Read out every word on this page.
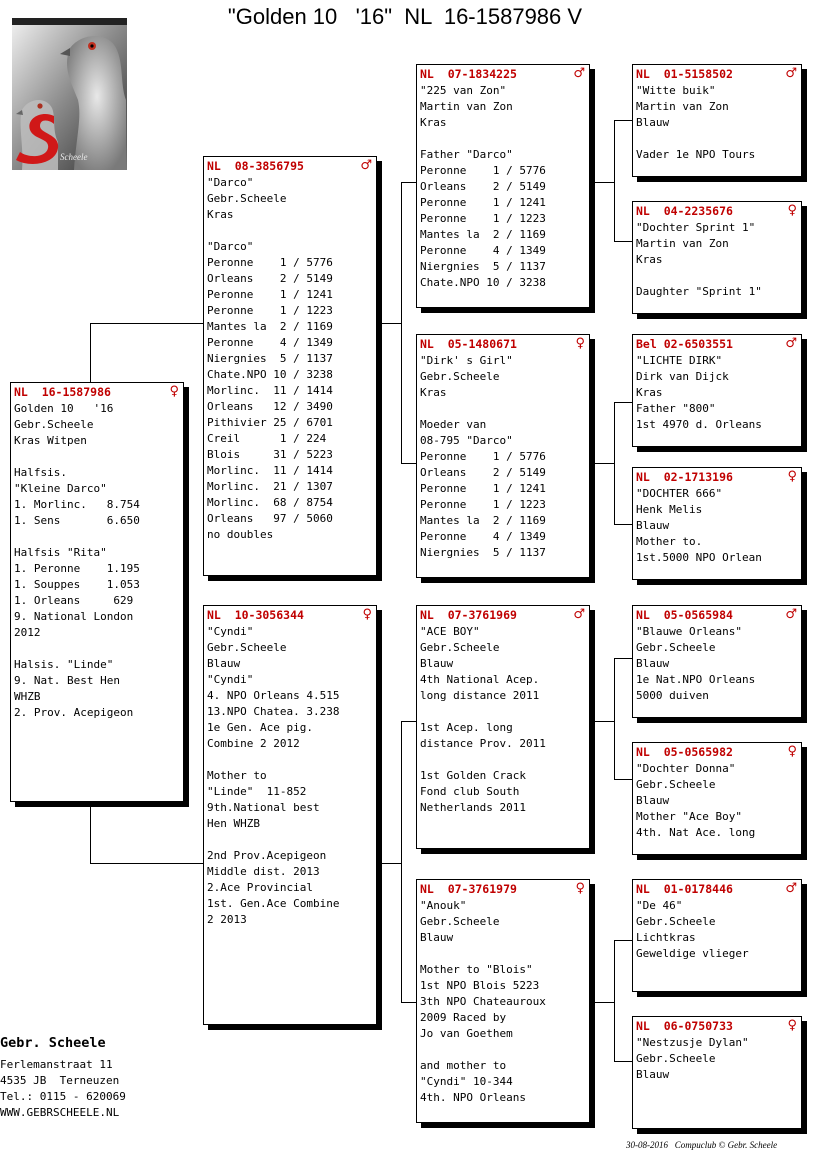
"Golden 10   '16"  NL  16-1587986 V
Scheele
NL  16-1587986	♀
Golden 10   '16
Gebr.Scheele
Kras Witpen
Halfsis.
"Kleine Darco"
1. Morlinc.   8.754
1. Sens       6.650
Halfsis "Rita"
1. Peronne    1.195
1. Souppes    1.053
1. Orleans     629
9. National London
2012
Halsis. "Linde"
9. Nat. Best Hen
WHZB
2. Prov. Acepigeon
NL  08-3856795	♂
"Darco"
Gebr.Scheele
Kras
"Darco"
Peronne    1 / 5776
Orleans    2 / 5149
Peronne    1 / 1241
Peronne    1 / 1223
Mantes la  2 / 1169
Peronne    4 / 1349
Niergnies  5 / 1137
Chate.NPO 10 / 3238
Morlinc.  11 / 1414
Orleans   12 / 3490
Pithivier 25 / 6701
Creil      1 / 224
Blois     31 / 5223
Morlinc.  11 / 1414
Morlinc.  21 / 1307
Morlinc.  68 / 8754
Orleans   97 / 5060
no doubles
NL  10-3056344	♀
"Cyndi"
Gebr.Scheele
Blauw
"Cyndi"
4. NPO Orleans 4.515
13.NPO Chatea. 3.238
1e Gen. Ace pig.
Combine 2 2012
Mother to
"Linde"  11-852
9th.National best
Hen WHZB
2nd Prov.Acepigeon
Middle dist. 2013
2.Ace Provincial
1st. Gen.Ace Combine
2 2013
NL  07-1834225	♂
"225 van Zon"
Martin van Zon
Kras
Father "Darco"
Peronne    1 / 5776
Orleans    2 / 5149
Peronne    1 / 1241
Peronne    1 / 1223
Mantes la  2 / 1169
Peronne    4 / 1349
Niergnies  5 / 1137
Chate.NPO 10 / 3238
NL  05-1480671	♀
"Dirk' s Girl"
Gebr.Scheele
Kras
Moeder van
08-795 "Darco"
Peronne    1 / 5776
Orleans    2 / 5149
Peronne    1 / 1241
Peronne    1 / 1223
Mantes la  2 / 1169
Peronne    4 / 1349
Niergnies  5 / 1137
NL  07-3761969	♂
"ACE BOY"
Gebr.Scheele
Blauw
4th National Acep.
long distance 2011
1st Acep. long
distance Prov. 2011
1st Golden Crack
Fond club South
Netherlands 2011
NL  07-3761979	♀
"Anouk"
Gebr.Scheele
Blauw
Mother to "Blois"
1st NPO Blois 5223
3th NPO Chateauroux
2009 Raced by
Jo van Goethem
and mother to
"Cyndi" 10-344
4th. NPO Orleans
NL  01-5158502	♂
"Witte buik"
Martin van Zon
Blauw
Vader 1e NPO Tours
NL  04-2235676	♀
"Dochter Sprint 1"
Martin van Zon
Kras
Daughter "Sprint 1"
Bel 02-6503551	♂
"LICHTE DIRK"
Dirk van Dijck
Kras
Father "800"
1st 4970 d. Orleans
NL  02-1713196	♀
"DOCHTER 666"
Henk Melis
Blauw
Mother to.
1st.5000 NPO Orlean
NL  05-0565984	♂
"Blauwe Orleans"
Gebr.Scheele
Blauw
1e Nat.NPO Orleans
5000 duiven
NL  05-0565982	♀
"Dochter Donna"
Gebr.Scheele
Blauw
Mother "Ace Boy"
4th. Nat Ace. long
NL  01-0178446	♂
"De 46"
Gebr.Scheele
Lichtkras
Geweldige vlieger
NL  06-0750733	♀
"Nestzusje Dylan"
Gebr.Scheele
Blauw
Gebr. Scheele
Ferlemanstraat 11
4535 JB  Terneuzen
Tel.: 0115 - 620069
WWW.GEBRSCHEELE.NL
30-08-2016   Compuclub © Gebr. Scheele
